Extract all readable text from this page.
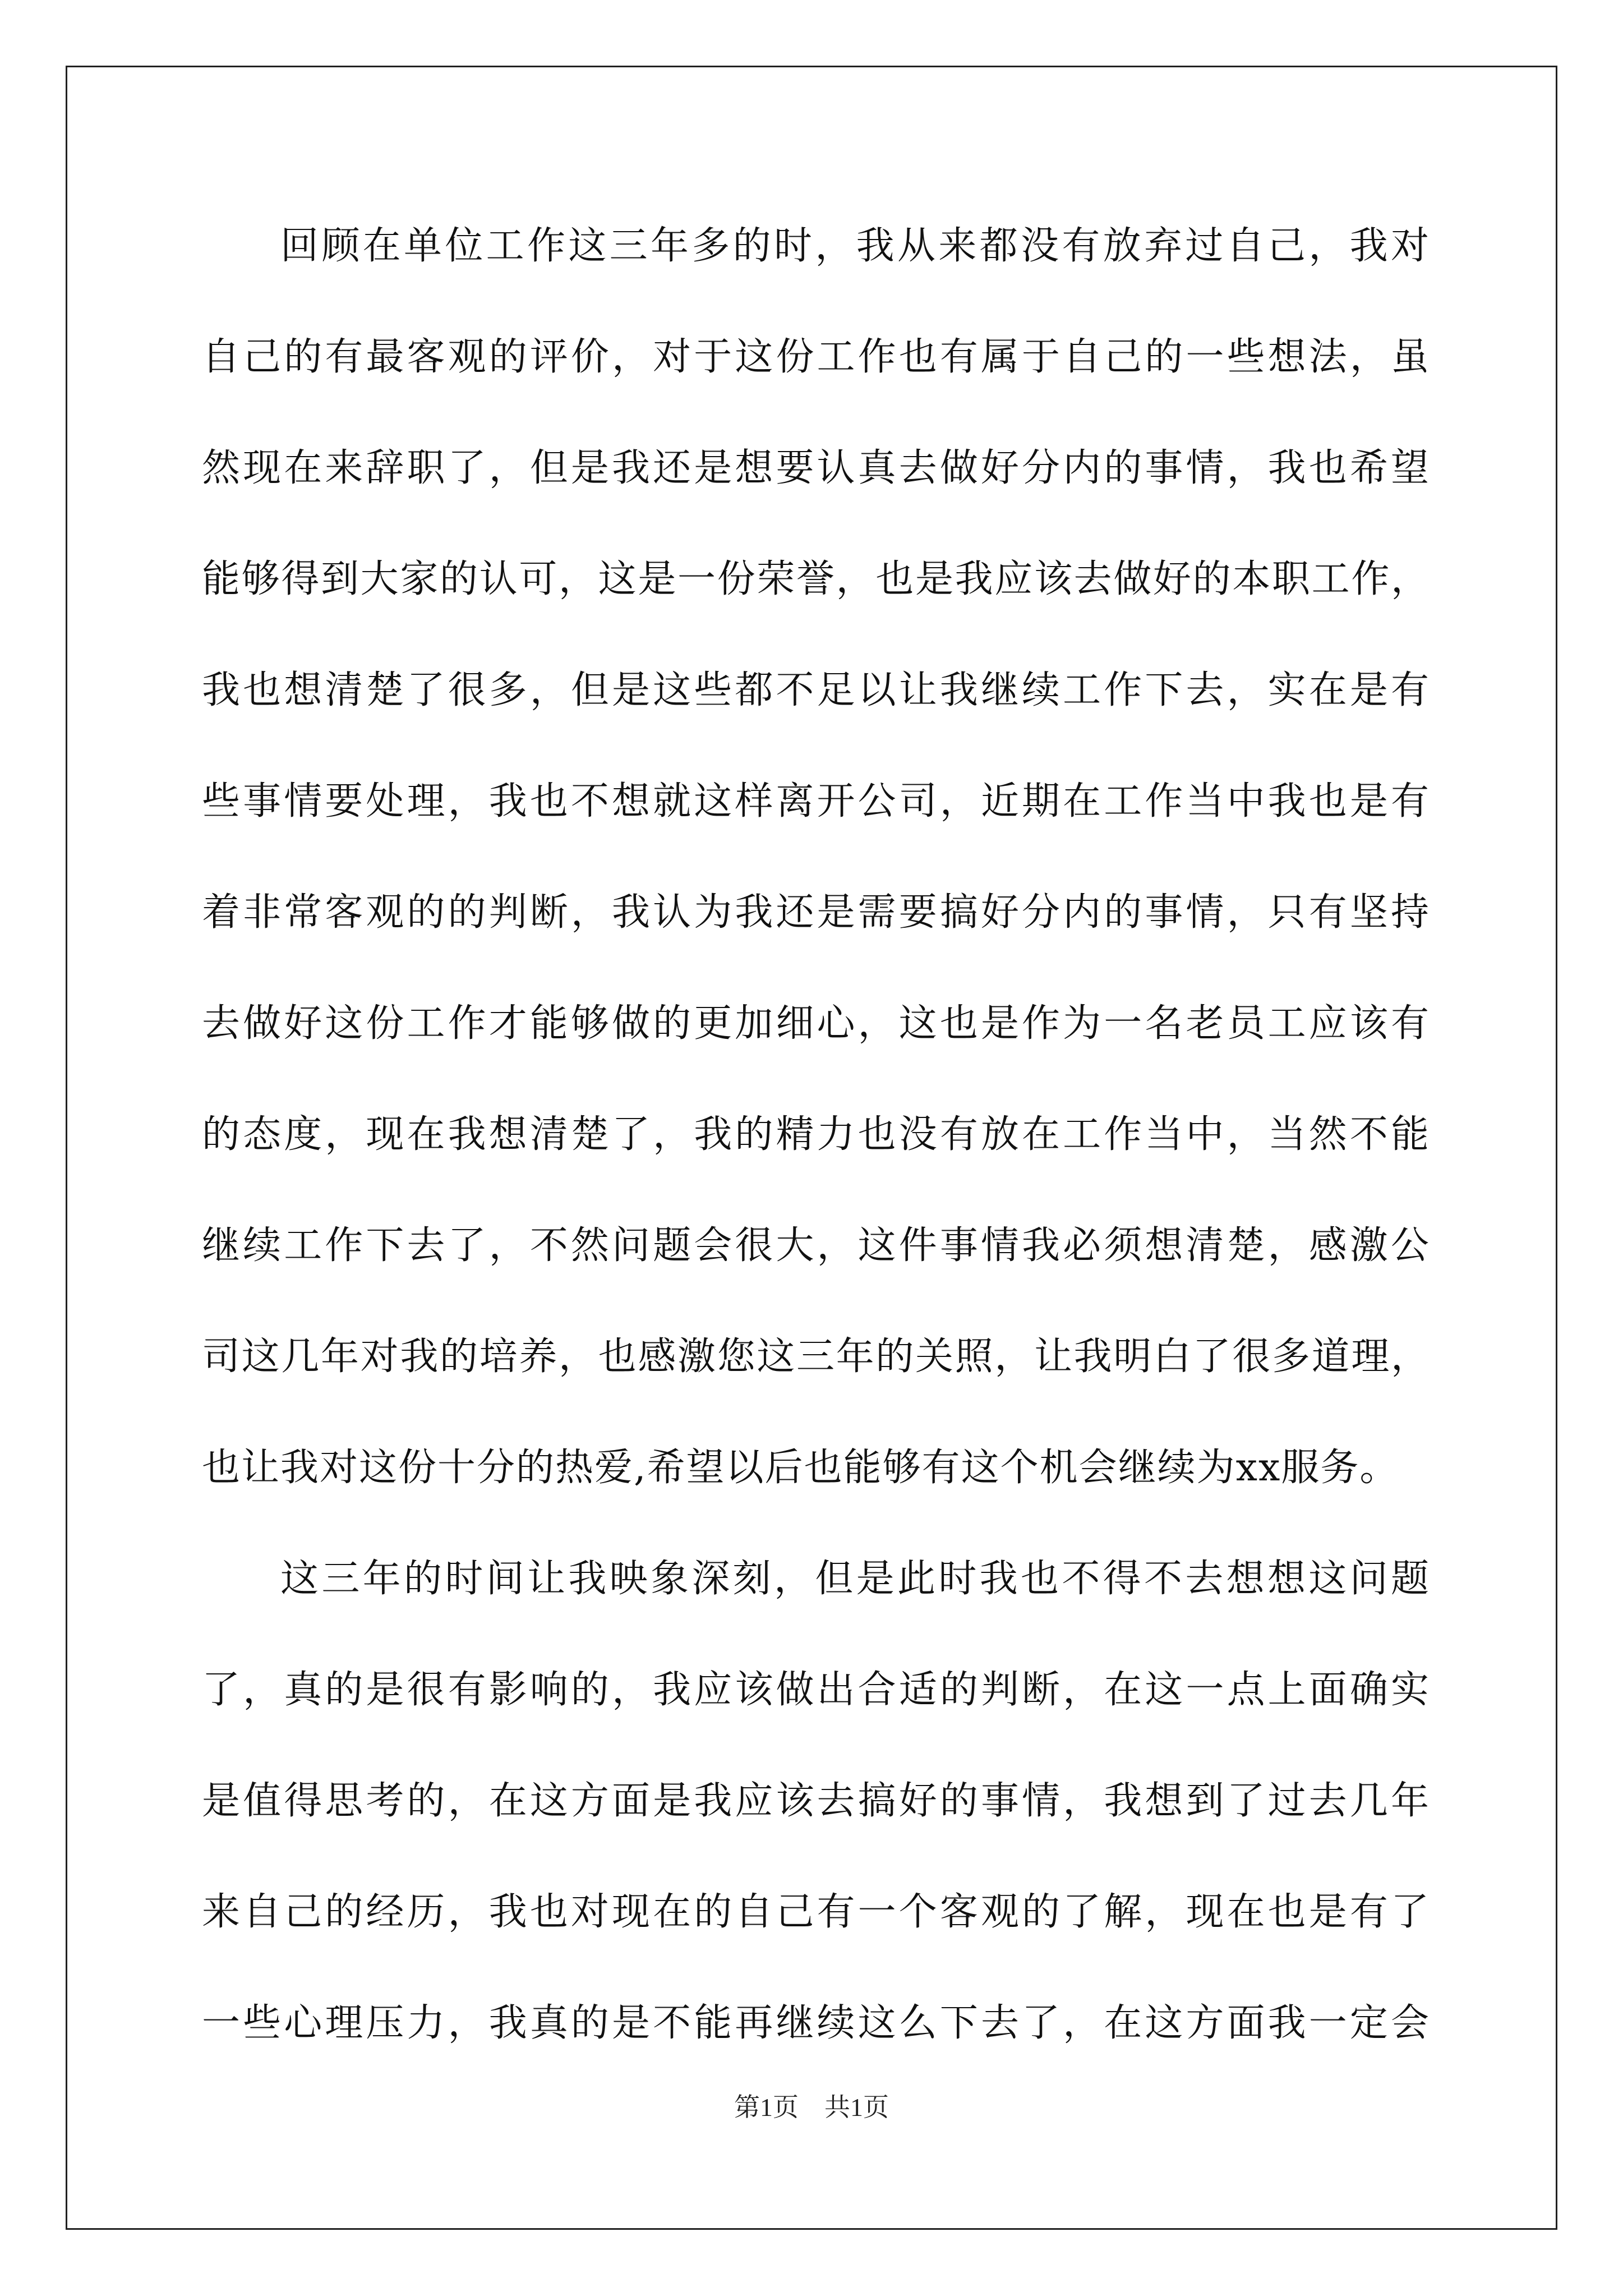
回顾在单位工作这三年多的时，我从来都没有放弃过自己，我对
自己的有最客观的评价，对于这份工作也有属于自己的一些想法，虽
然现在来辞职了，但是我还是想要认真去做好分内的事情，我也希望
能够得到大家的认可，这是一份荣誉，也是我应该去做好的本职工作，
我也想清楚了很多，但是这些都不足以让我继续工作下去，实在是有
些事情要处理，我也不想就这样离开公司，近期在工作当中我也是有
着非常客观的的判断，我认为我还是需要搞好分内的事情，只有坚持
去做好这份工作才能够做的更加细心，这也是作为一名老员工应该有
的态度，现在我想清楚了，我的精力也没有放在工作当中，当然不能
继续工作下去了，不然问题会很大，这件事情我必须想清楚，感激公
司这几年对我的培养，也感激您这三年的关照，让我明白了很多道理，
也让我对这份十分的热爱,希望以后也能够有这个机会继续为xx服务。
这三年的时间让我映象深刻，但是此时我也不得不去想想这问题
了，真的是很有影响的，我应该做出合适的判断，在这一点上面确实
是值得思考的，在这方面是我应该去搞好的事情，我想到了过去几年
来自己的经历，我也对现在的自己有一个客观的了解，现在也是有了
一些心理压力，我真的是不能再继续这么下去了，在这方面我一定会
第1页　共1页
